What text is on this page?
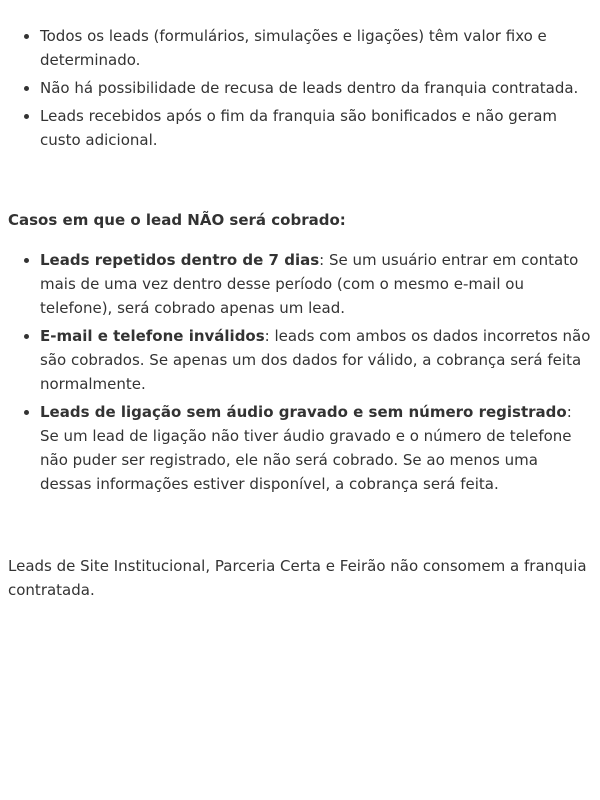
• Todos os leads (formulários, simulações e ligações) têm valor fixo e determinado.
• Não há possibilidade de recusa de leads dentro da franquia contratada.
• Leads recebidos após o fim da franquia são bonificados e não geram custo adicional.

Casos em que o lead NÃO será cobrado:

• Leads repetidos dentro de 7 dias: Se um usuário entrar em contato mais de uma vez dentro desse período (com o mesmo e-mail ou telefone), será cobrado apenas um lead.
• E-mail e telefone inválidos: leads com ambos os dados incorretos não são cobrados. Se apenas um dos dados for válido, a cobrança será feita normalmente.
• Leads de ligação sem áudio gravado e sem número registrado: Se um lead de ligação não tiver áudio gravado e o número de telefone não puder ser registrado, ele não será cobrado. Se ao menos uma dessas informações estiver disponível, a cobrança será feita.

Leads de Site Institucional, Parceria Certa e Feirão não consomem a franquia contratada.
